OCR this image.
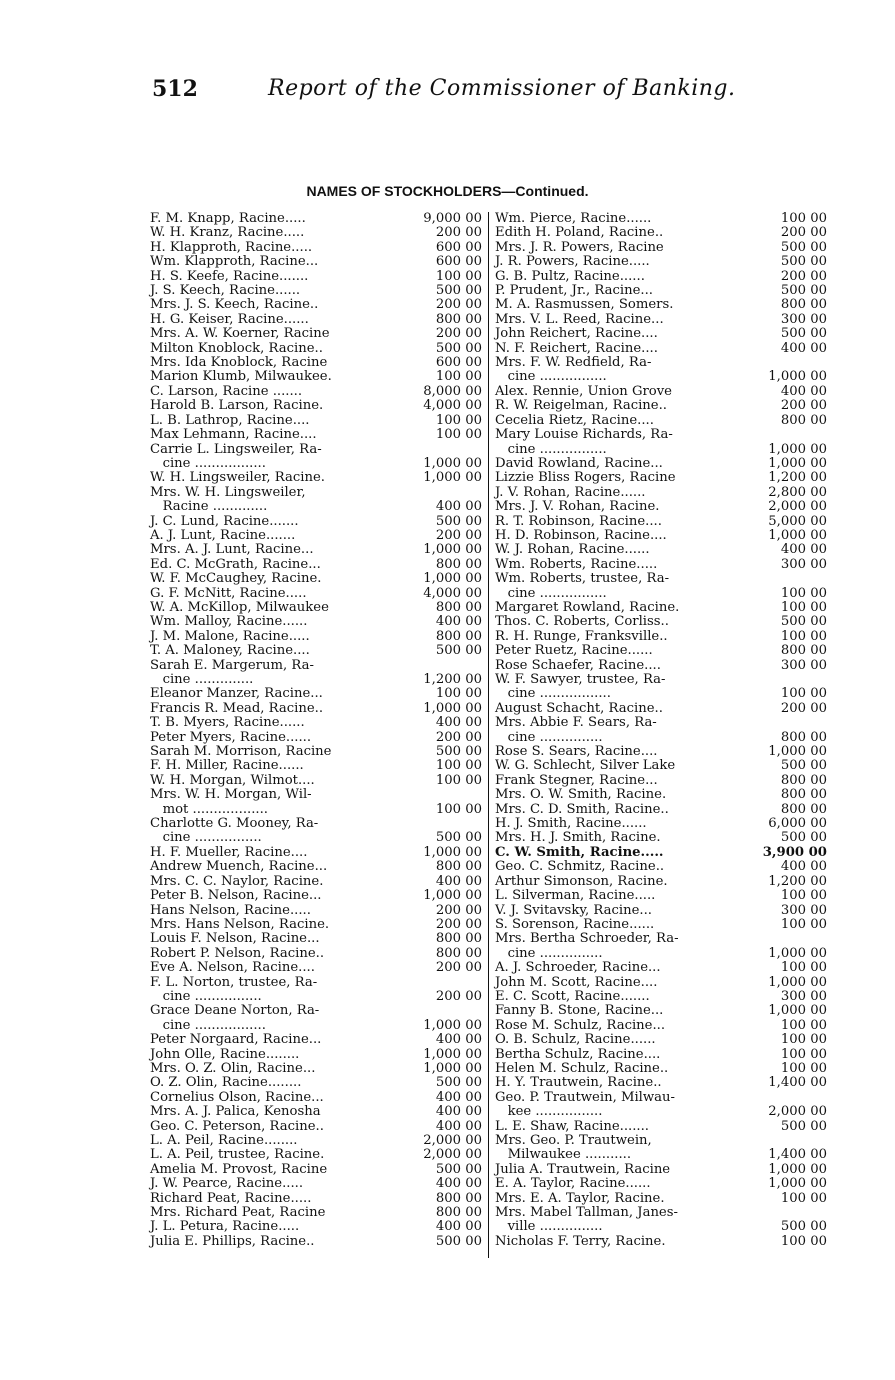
512	Report of the Commissioner of Banking.
NAMES OF STOCKHOLDERS—Continued.
F. M. Knapp, Racine.....	9,000 00
W. H. Kranz, Racine.....	200 00
H. Klapproth, Racine.....	600 00
Wm. Klapproth, Racine...	600 00
H. S. Keefe, Racine.......	100 00
J. S. Keech, Racine......	500 00
Mrs. J. S. Keech, Racine..	200 00
H. G. Keiser, Racine......	800 00
Mrs. A. W. Koerner, Racine	200 00
Milton Knoblock, Racine..	500 00
Mrs. Ida Knoblock, Racine	600 00
Marion Klumb, Milwaukee.	100 00
C. Larson, Racine .......	8,000 00
Harold B. Larson, Racine.	4,000 00
L. B. Lathrop, Racine....	100 00
Max Lehmann, Racine....	100 00
Carrie L. Lingsweiler, Ra-
cine .................	1,000 00
W. H. Lingsweiler, Racine.	1,000 00
Mrs. W. H. Lingsweiler,
Racine .............	400 00
J. C. Lund, Racine.......	500 00
A. J. Lunt, Racine.......	200 00
Mrs. A. J. Lunt, Racine...	1,000 00
Ed. C. McGrath, Racine...	800 00
W. F. McCaughey, Racine.	1,000 00
G. F. McNitt, Racine.....	4,000 00
W. A. McKillop, Milwaukee	800 00
Wm. Malloy, Racine......	400 00
J. M. Malone, Racine.....	800 00
T. A. Maloney, Racine....	500 00
Sarah E. Margerum, Ra-
cine ..............	1,200 00
Eleanor Manzer, Racine...	100 00
Francis R. Mead, Racine..	1,000 00
T. B. Myers, Racine......	400 00
Peter Myers, Racine......	200 00
Sarah M. Morrison, Racine	500 00
F. H. Miller, Racine......	100 00
W. H. Morgan, Wilmot....	100 00
Mrs. W. H. Morgan, Wil-
mot ..................	100 00
Charlotte G. Mooney, Ra-
cine ................	500 00
H. F. Mueller, Racine....	1,000 00
Andrew Muench, Racine...	800 00
Mrs. C. C. Naylor, Racine.	400 00
Peter B. Nelson, Racine...	1,000 00
Hans Nelson, Racine.....	200 00
Mrs. Hans Nelson, Racine.	200 00
Louis F. Nelson, Racine...	800 00
Robert P. Nelson, Racine..	800 00
Eve A. Nelson, Racine....	200 00
F. L. Norton, trustee, Ra-
cine ................	200 00
Grace Deane Norton, Ra-
cine .................	1,000 00
Peter Norgaard, Racine...	400 00
John Olle, Racine........	1,000 00
Mrs. O. Z. Olin, Racine...	1,000 00
O. Z. Olin, Racine........	500 00
Cornelius Olson, Racine...	400 00
Mrs. A. J. Palica, Kenosha	400 00
Geo. C. Peterson, Racine..	400 00
L. A. Peil, Racine........	2,000 00
L. A. Peil, trustee, Racine.	2,000 00
Amelia M. Provost, Racine	500 00
J. W. Pearce, Racine.....	400 00
Richard Peat, Racine.....	800 00
Mrs. Richard Peat, Racine	800 00
J. L. Petura, Racine.....	400 00
Julia E. Phillips, Racine..	500 00
Wm. Pierce, Racine......	100 00
Edith H. Poland, Racine..	200 00
Mrs. J. R. Powers, Racine	500 00
J. R. Powers, Racine.....	500 00
G. B. Pultz, Racine......	200 00
P. Prudent, Jr., Racine...	500 00
M. A. Rasmussen, Somers.	800 00
Mrs. V. L. Reed, Racine...	300 00
John Reichert, Racine....	500 00
N. F. Reichert, Racine....	400 00
Mrs. F. W. Redfield, Ra-
cine ................	1,000 00
Alex. Rennie, Union Grove	400 00
R. W. Reigelman, Racine..	200 00
Cecelia Rietz, Racine....	800 00
Mary Louise Richards, Ra-
cine ................	1,000 00
David Rowland, Racine...	1,000 00
Lizzie Bliss Rogers, Racine	1,200 00
J. V. Rohan, Racine......	2,800 00
Mrs. J. V. Rohan, Racine.	2,000 00
R. T. Robinson, Racine....	5,000 00
H. D. Robinson, Racine....	1,000 00
W. J. Rohan, Racine......	400 00
Wm. Roberts, Racine.....	300 00
Wm. Roberts, trustee, Ra-
cine ................	100 00
Margaret Rowland, Racine.	100 00
Thos. C. Roberts, Corliss..	500 00
R. H. Runge, Franksville..	100 00
Peter Ruetz, Racine......	800 00
Rose Schaefer, Racine....	300 00
W. F. Sawyer, trustee, Ra-
cine .................	100 00
August Schacht, Racine..	200 00
Mrs. Abbie F. Sears, Ra-
cine ...............	800 00
Rose S. Sears, Racine....	1,000 00
W. G. Schlecht, Silver Lake	500 00
Frank Stegner, Racine...	800 00
Mrs. O. W. Smith, Racine.	800 00
Mrs. C. D. Smith, Racine..	800 00
H. J. Smith, Racine......	6,000 00
Mrs. H. J. Smith, Racine.	500 00
C. W. Smith, Racine.....	3,900 00
Geo. C. Schmitz, Racine..	400 00
Arthur Simonson, Racine.	1,200 00
L. Silverman, Racine.....	100 00
V. J. Svitavsky, Racine...	300 00
S. Sorenson, Racine......	100 00
Mrs. Bertha Schroeder, Ra-
cine ...............	1,000 00
A. J. Schroeder, Racine...	100 00
John M. Scott, Racine....	1,000 00
E. C. Scott, Racine.......	300 00
Fanny B. Stone, Racine...	1,000 00
Rose M. Schulz, Racine...	100 00
O. B. Schulz, Racine......	100 00
Bertha Schulz, Racine....	100 00
Helen M. Schulz, Racine..	100 00
H. Y. Trautwein, Racine..	1,400 00
Geo. P. Trautwein, Milwau-
kee ................	2,000 00
L. E. Shaw, Racine.......	500 00
Mrs. Geo. P. Trautwein,
Milwaukee ...........	1,400 00
Julia A. Trautwein, Racine	1,000 00
E. A. Taylor, Racine......	1,000 00
Mrs. E. A. Taylor, Racine.	100 00
Mrs. Mabel Tallman, Janes-
ville ...............	500 00
Nicholas F. Terry, Racine.	100 00
